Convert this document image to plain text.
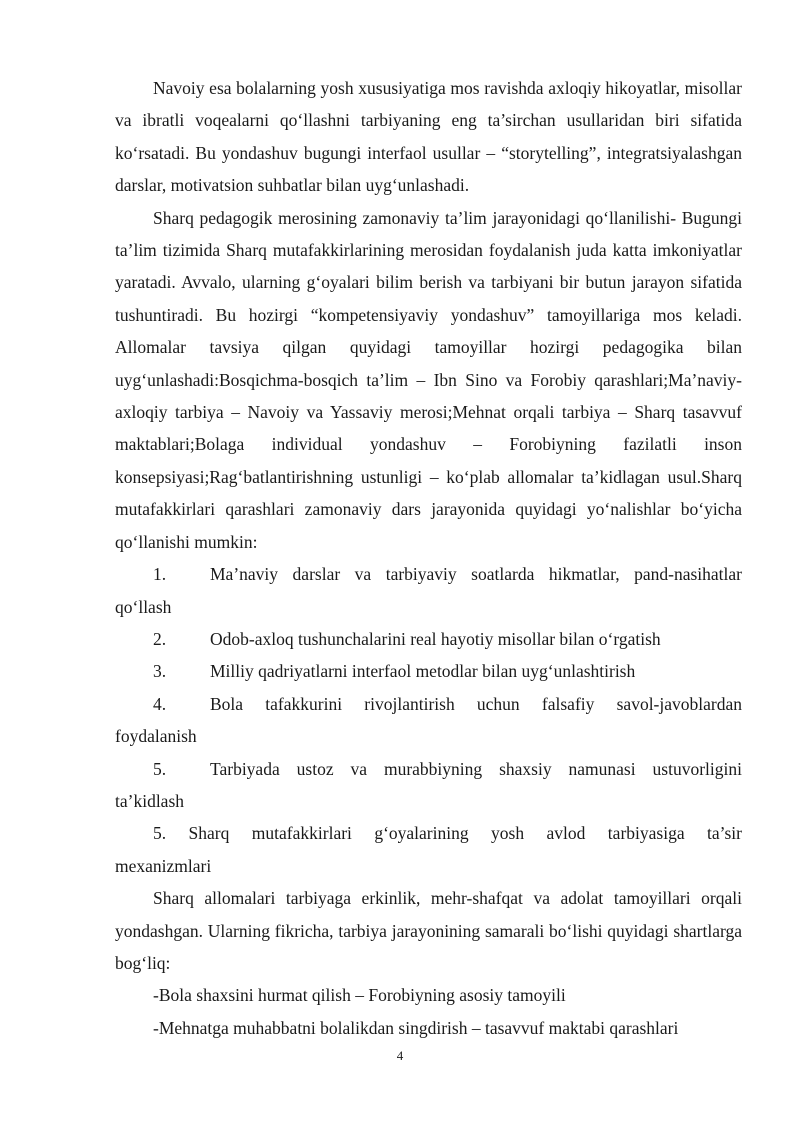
Navoiy esa bolalarning yosh xususiyatiga mos ravishda axloqiy hikoyatlar, misollar va ibratli voqealarni qo‘llashni tarbiyaning eng ta’sirchan usullaridan biri sifatida ko‘rsatadi. Bu yondashuv bugungi interfaol usullar – “storytelling”, integratsiyalashgan darslar, motivatsion suhbatlar bilan uyg‘unlashadi.

Sharq pedagogik merosining zamonaviy ta’lim jarayonidagi qo‘llanilishi- Bugungi ta’lim tizimida Sharq mutafakkirlarining merosidan foydalanish juda katta imkoniyatlar yaratadi. Avvalo, ularning g‘oyalari bilim berish va tarbiyani bir butun jarayon sifatida tushuntiradi. Bu hozirgi “kompetensiyaviy yondashuv” tamoyillariga mos keladi. Allomalar tavsiya qilgan quyidagi tamoyillar hozirgi pedagogika bilan uyg‘unlashadi:Bosqichma-bosqich ta’lim – Ibn Sino va Forobiy qarashlari;Ma’naviy-axloqiy tarbiya – Navoiy va Yassaviy merosi;Mehnat orqali tarbiya – Sharq tasavvuf maktablari;Bolaga individual yondashuv – Forobiyning fazilatli inson konsepsiyasi;Rag‘batlantirishning ustunligi – ko‘plab allomalar ta’kidlagan usul.Sharq mutafakkirlari qarashlari zamonaviy dars jarayonida quyidagi yo‘nalishlar bo‘yicha qo‘llanishi mumkin:

1.	Ma’naviy darslar va tarbiyaviy soatlarda hikmatlar, pand-nasihatlar
qo‘llash
2.	Odob-axloq tushunchalarini real hayotiy misollar bilan o‘rgatish
3.	Milliy qadriyatlarni interfaol metodlar bilan uyg‘unlashtirish
4.	Bola tafakkurini rivojlantirish uchun falsafiy savol-javoblardan
foydalanish
5.	Tarbiyada ustoz va murabbiyning shaxsiy namunasi ustuvorligini
ta’kidlash

5. Sharq mutafakkirlari g‘oyalarining yosh avlod tarbiyasiga ta’sir

mexanizmlari

Sharq allomalari tarbiyaga erkinlik, mehr-shafqat va adolat tamoyillari orqali yondashgan. Ularning fikricha, tarbiya jarayonining samarali bo‘lishi quyidagi shartlarga bog‘liq:

-Bola shaxsini hurmat qilish – Forobiyning asosiy tamoyili

-Mehnatga muhabbatni bolalikdan singdirish – tasavvuf maktabi qarashlari

4
